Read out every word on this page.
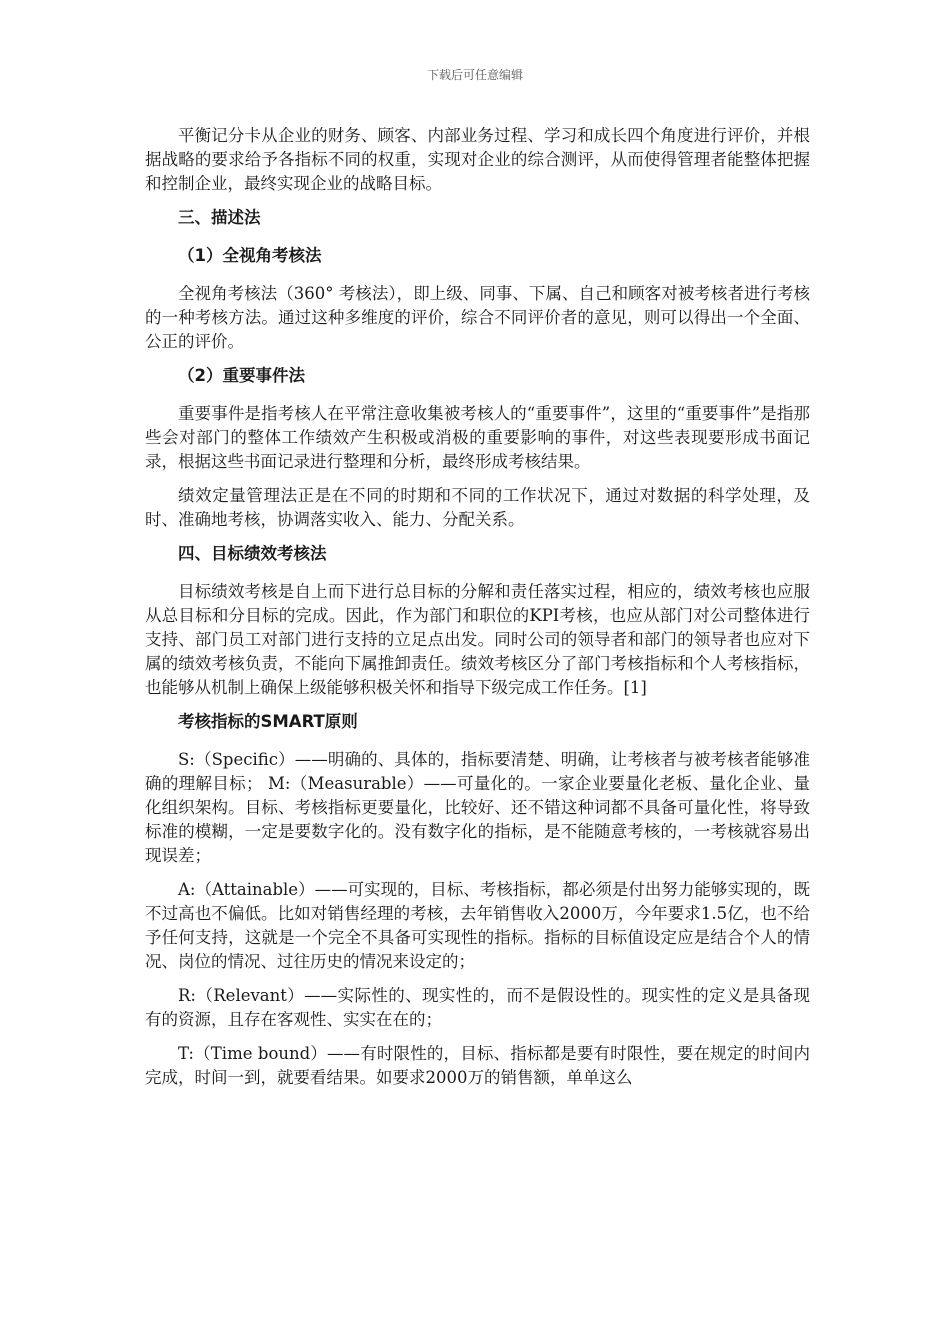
下载后可任意编辑

平衡记分卡从企业的财务、顾客、内部业务过程、学习和成长四个角度进行评价，并根据战略的要求给予各指标不同的权重，实现对企业的综合测评，从而使得管理者能整体把握和控制企业，最终实现企业的战略目标。

三、描述法
（1）全视角考核法

全视角考核法（360° 考核法），即上级、同事、下属、自己和顾客对被考核者进行考核的一种考核方法。通过这种多维度的评价，综合不同评价者的意见，则可以得出一个全面、公正的评价。

（2）重要事件法

重要事件是指考核人在平常注意收集被考核人的“重要事件”，这里的“重要事件”是指那些会对部门的整体工作绩效产生积极或消极的重要影响的事件，对这些表现要形成书面记录，根据这些书面记录进行整理和分析，最终形成考核结果。

绩效定量管理法正是在不同的时期和不同的工作状况下，通过对数据的科学处理，及时、准确地考核，协调落实收入、能力、分配关系。

四、目标绩效考核法

目标绩效考核是自上而下进行总目标的分解和责任落实过程，相应的，绩效考核也应服从总目标和分目标的完成。因此，作为部门和职位的KPI考核，也应从部门对公司整体进行支持、部门员工对部门进行支持的立足点出发。同时公司的领导者和部门的领导者也应对下属的绩效考核负责，不能向下属推卸责任。绩效考核区分了部门考核指标和个人考核指标，也能够从机制上确保上级能够积极关怀和指导下级完成工作任务。[1]

考核指标的SMART原则

S:（Specific）——明确的、具体的，指标要清楚、明确，让考核者与被考核者能够准确的理解目标； M:（Measurable）——可量化的。一家企业要量化老板、量化企业、量化组织架构。目标、考核指标更要量化，比较好、还不错这种词都不具备可量化性，将导致标准的模糊，一定是要数字化的。没有数字化的指标，是不能随意考核的，一考核就容易出现误差；

A:（Attainable）——可实现的，目标、考核指标，都必须是付出努力能够实现的，既不过高也不偏低。比如对销售经理的考核，去年销售收入2000万，今年要求1.5亿，也不给予任何支持，这就是一个完全不具备可实现性的指标。指标的目标值设定应是结合个人的情况、岗位的情况、过往历史的情况来设定的；

R:（Relevant）——实际性的、现实性的，而不是假设性的。现实性的定义是具备现有的资源，且存在客观性、实实在在的；

T:（Time bound）——有时限性的，目标、指标都是要有时限性，要在规定的时间内完成，时间一到，就要看结果。如要求2000万的销售额，单单这么
